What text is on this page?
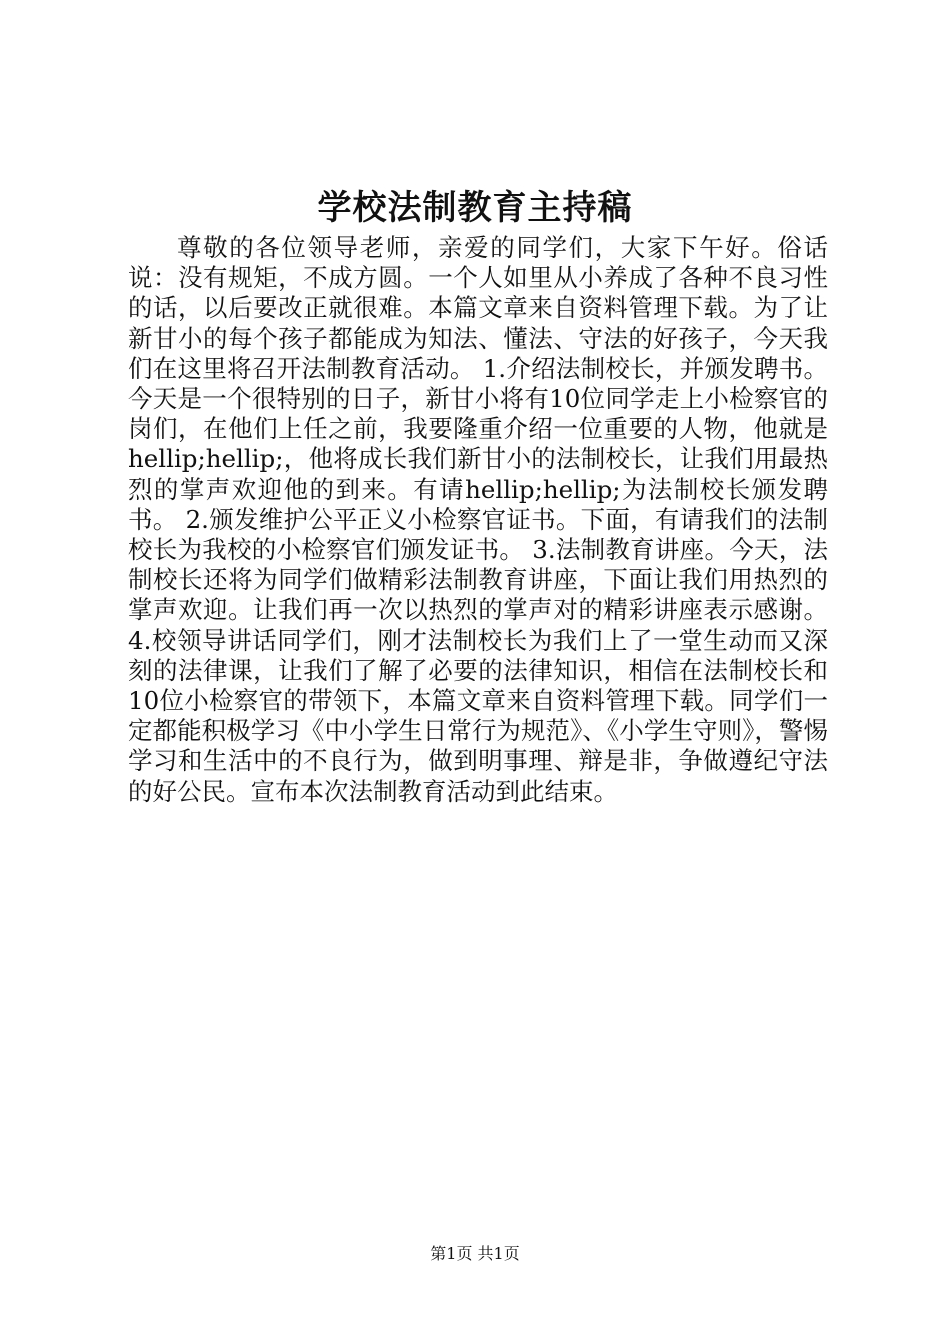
学校法制教育主持稿

尊敬的各位领导老师，亲爱的同学们，大家下午好。俗话说：没有规矩，不成方圆。一个人如里从小养成了各种不良习性的话，以后要改正就很难。本篇文章来自资料管理下载。为了让新甘小的每个孩子都能成为知法、懂法、守法的好孩子，今天我们在这里将召开法制教育活动。 1.介绍法制校长，并颁发聘书。今天是一个很特别的日子，新甘小将有10位同学走上小检察官的岗们，在他们上任之前，我要隆重介绍一位重要的人物，他就是hellip;hellip;，他将成长我们新甘小的法制校长，让我们用最热烈的掌声欢迎他的到来。有请hellip;hellip;为法制校长颁发聘书。 2.颁发维护公平正义小检察官证书。下面，有请我们的法制校长为我校的小检察官们颁发证书。 3.法制教育讲座。今天，法制校长还将为同学们做精彩法制教育讲座，下面让我们用热烈的掌声欢迎。让我们再一次以热烈的掌声对的精彩讲座表示感谢。 4.校领导讲话同学们，刚才法制校长为我们上了一堂生动而又深刻的法律课，让我们了解了必要的法律知识，相信在法制校长和10位小检察官的带领下，本篇文章来自资料管理下载。同学们一定都能积极学习《中小学生日常行为规范》、《小学生守则》，警惕学习和生活中的不良行为，做到明事理、辩是非，争做遵纪守法的好公民。宣布本次法制教育活动到此结束。

第1页 共1页
